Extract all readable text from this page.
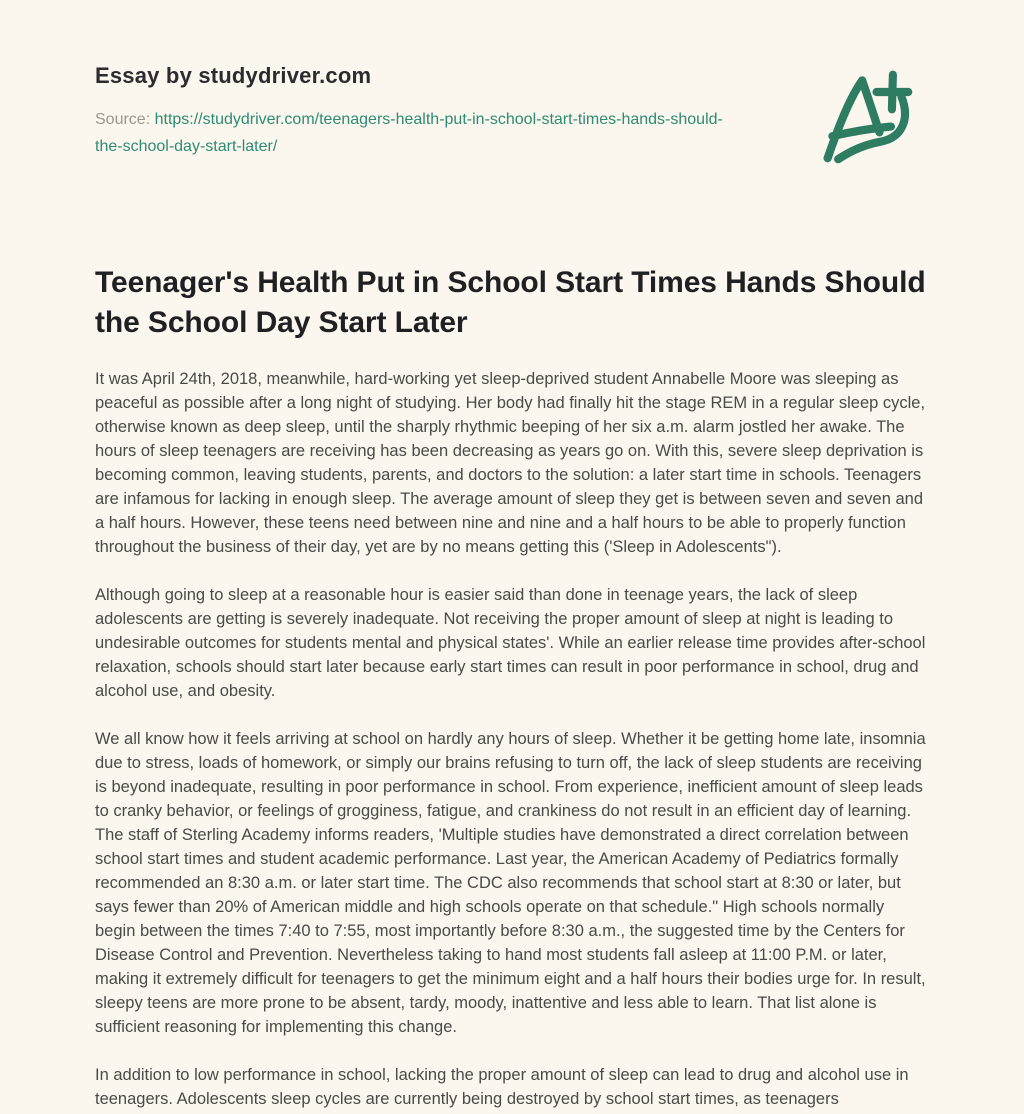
Essay by studydriver.com

Source: https://studydriver.com/teenagers-health-put-in-school-start-times-hands-should-the-school-day-start-later/

Teenager's Health Put in School Start Times Hands Should the School Day Start Later

It was April 24th, 2018, meanwhile, hard-working yet sleep-deprived student Annabelle Moore was sleeping as peaceful as possible after a long night of studying. Her body had finally hit the stage REM in a regular sleep cycle, otherwise known as deep sleep, until the sharply rhythmic beeping of her six a.m. alarm jostled her awake. The hours of sleep teenagers are receiving has been decreasing as years go on. With this, severe sleep deprivation is becoming common, leaving students, parents, and doctors to the solution: a later start time in schools. Teenagers are infamous for lacking in enough sleep. The average amount of sleep they get is between seven and seven and a half hours. However, these teens need between nine and nine and a half hours to be able to properly function throughout the business of their day, yet are by no means getting this ('Sleep in Adolescents").

Although going to sleep at a reasonable hour is easier said than done in teenage years, the lack of sleep adolescents are getting is severely inadequate. Not receiving the proper amount of sleep at night is leading to undesirable outcomes for students mental and physical states'. While an earlier release time provides after-school relaxation, schools should start later because early start times can result in poor performance in school, drug and alcohol use, and obesity.

We all know how it feels arriving at school on hardly any hours of sleep. Whether it be getting home late, insomnia due to stress, loads of homework, or simply our brains refusing to turn off, the lack of sleep students are receiving is beyond inadequate, resulting in poor performance in school. From experience, inefficient amount of sleep leads to cranky behavior, or feelings of grogginess, fatigue, and crankiness do not result in an efficient day of learning. The staff of Sterling Academy informs readers, 'Multiple studies have demonstrated a direct correlation between school start times and student academic performance. Last year, the American Academy of Pediatrics formally recommended an 8:30 a.m. or later start time. The CDC also recommends that school start at 8:30 or later, but says fewer than 20% of American middle and high schools operate on that schedule." High schools normally begin between the times 7:40 to 7:55, most importantly before 8:30 a.m., the suggested time by the Centers for Disease Control and Prevention. Nevertheless taking to hand most students fall asleep at 11:00 P.M. or later, making it extremely difficult for teenagers to get the minimum eight and a half hours their bodies urge for. In result, sleepy teens are more prone to be absent, tardy, moody, inattentive and less able to learn. That list alone is sufficient reasoning for implementing this change.

In addition to low performance in school, lacking the proper amount of sleep can lead to drug and alcohol use in teenagers. Adolescents sleep cycles are currently being destroyed by school start times, as teenagers
